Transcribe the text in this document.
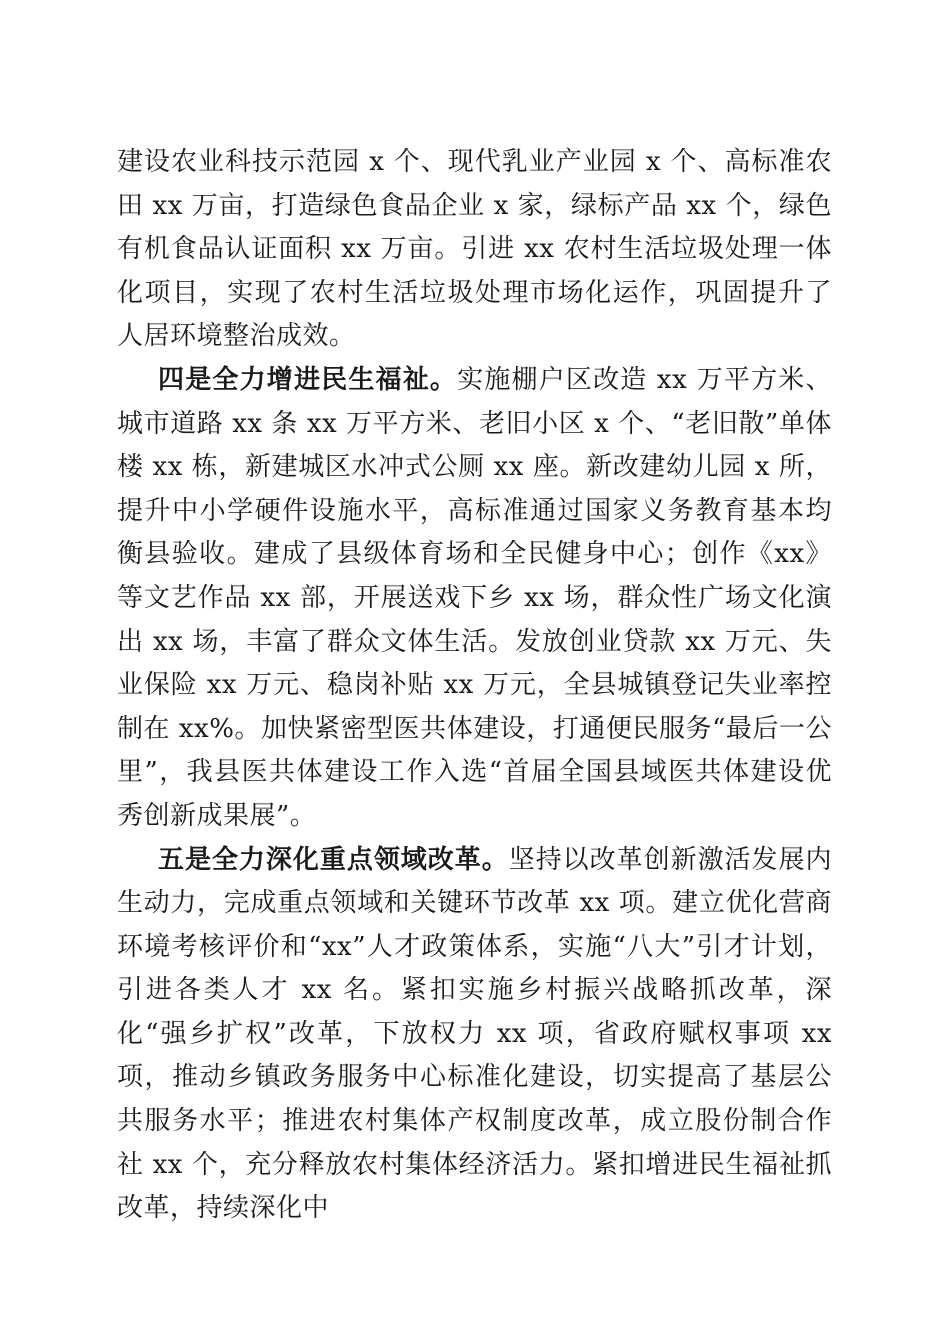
建设农业科技示范园 x 个、现代乳业产业园 x 个、高标准农田 xx 万亩，打造绿色食品企业 x 家，绿标产品 xx 个，绿色有机食品认证面积 xx 万亩。引进 xx 农村生活垃圾处理一体化项目，实现了农村生活垃圾处理市场化运作，巩固提升了人居环境整治成效。

四是全力增进民生福祉。实施棚户区改造 xx 万平方米、城市道路 xx 条 xx 万平方米、老旧小区 x 个、“老旧散”单体楼 xx 栋，新建城区水冲式公厕 xx 座。新改建幼儿园 x 所，提升中小学硬件设施水平，高标准通过国家义务教育基本均衡县验收。建成了县级体育场和全民健身中心；创作《xx》等文艺作品 xx 部，开展送戏下乡 xx 场，群众性广场文化演出 xx 场，丰富了群众文体生活。发放创业贷款 xx 万元、失业保险 xx 万元、稳岗补贴 xx 万元，全县城镇登记失业率控制在 xx%。加快紧密型医共体建设，打通便民服务“最后一公里”，我县医共体建设工作入选“首届全国县域医共体建设优秀创新成果展”。

五是全力深化重点领域改革。坚持以改革创新激活发展内生动力，完成重点领域和关键环节改革 xx 项。建立优化营商环境考核评价和“xx”人才政策体系，实施“八大”引才计划，引进各类人才 xx 名。紧扣实施乡村振兴战略抓改革，深化“强乡扩权”改革，下放权力 xx 项，省政府赋权事项 xx 项，推动乡镇政务服务中心标准化建设，切实提高了基层公共服务水平；推进农村集体产权制度改革，成立股份制合作社 xx 个，充分释放农村集体经济活力。紧扣增进民生福祉抓改革，持续深化中
